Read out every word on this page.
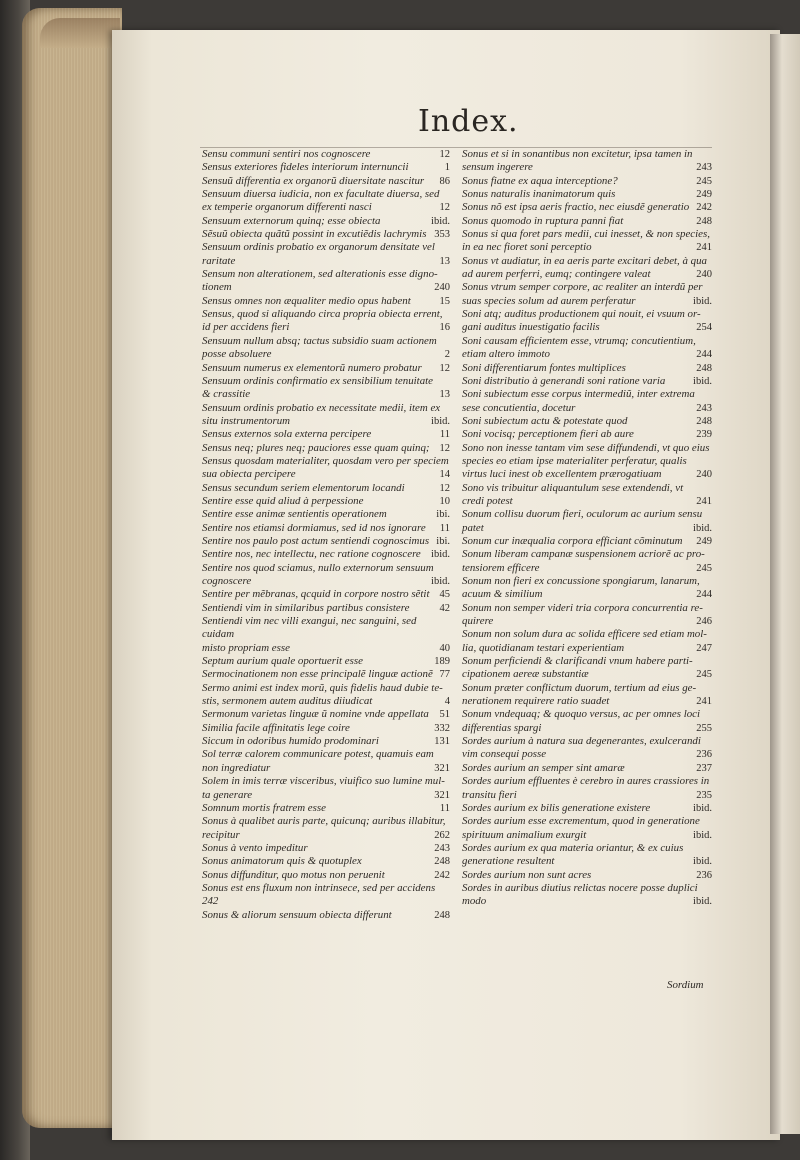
Index.
Sensu communi sentiri nos cognoscere	12
Sensus exteriores fideles interiorum internuncii	1
Sensuũ differentia ex organorũ diuersitate nascitur 86
Sensuum diuersa iudicia, non ex facultate diuersa, sed
ex temperie organorum differenti nasci	12
Sensuum externorum quinq; esse obiecta	ibid.
Sẽsuũ obiecta quãtũ possint in excutiẽdis lachrymis 353
Sensuum ordinis probatio ex organorum densitate vel
raritate	13
Sensum non alterationem, sed alterationis esse digno-
tionem	240
Sensus omnes non æqualiter medio opus habent	15
Sensus, quod si aliquando circa propria obiecta errent,
id per accidens fieri	16
Sensuum nullum absq; tactus subsidio suam actionem
posse absoluere	2
Sensuum numerus ex elementorũ numero probatur 12
Sensuum ordinis confirmatio ex sensibilium tenuitate
& crassitie	13
Sensuum ordinis probatio ex necessitate medii, item ex
situ instrumentorum	ibid.
Sensus externos sola externa percipere	11
Sensus neq; plures neq; pauciores esse quam quinq; 12
Sensus quosdam materialiter, quosdam vero per speciem
sua obiecta percipere	14
Sensus secundum seriem elementorum locandi	12
Sentire esse quid aliud à perpessione	10
Sentire esse animæ sentientis operationem	ibi.
Sentire nos etiamsi dormiamus, sed id nos ignorare 11
Sentire nos paulo post actum sentiendi cognoscimus ibi.
Sentire nos, nec intellectu, nec ratione cognoscere ibid.
Sentire nos quod sciamus, nullo externorum sensuum
cognoscere	ibid.
Sentire per mẽbranas, qcquid in corpore nostro sẽtit 45
Sentiendi vim in similaribus partibus consistere	42
Sentiendi vim nec villi exangui, nec sanguini, sed cuidam
misto propriam esse	40
Septum aurium quale oportuerit esse	189
Sermocinationem non esse principalẽ linguæ actionẽ 77
Sermo animi est index morũ, quis fidelis haud dubie te-
stis, sermonem autem auditus diiudicat	4
Sermonum varietas linguæ ũ nomine vnde appellata 51
Similia facile affinitatis lege coire	332
Siccum in odoribus humido prodominari	131
Sol terræ calorem communicare potest, quamuis eam
non ingrediatur	321
Solem in imis terræ visceribus, viuifico suo lumine mul-
ta generare	321
Somnum mortis fratrem esse	11
Sonus à qualibet auris parte, quicunq; auribus illabitur,
recipitur	262
Sonus à vento impeditur	243
Sonus animatorum quis & quotuplex	248
Sonus diffunditur, quo motus non peruenit	242
Sonus est ens fluxum non intrinsece, sed per accidens
242
Sonus & aliorum sensuum obiecta differunt	248
Sonus et si in sonantibus non excitetur, ipsa tamen in
sensum ingerere	243
Sonus fiatne ex aqua interceptione?	245
Sonus naturalis inanimatorum quis	249
Sonus nõ est ipsa aeris fractio, nec eiusdẽ generatio 242
Sonus quomodo in ruptura panni fiat	248
Sonus si qua foret pars medii, cui inesset, & non species,
in ea nec fioret soni perceptio	241
Sonus vt audiatur, in ea aeris parte excitari debet, à qua
ad aurem perferri, eumq; contingere valeat	240
Sonus vtrum semper corpore, ac realiter an interdũ per
suas species solum ad aurem perferatur	ibid.
Soni atq; auditus productionem qui nouit, ei vsuum or-
gani auditus inuestigatio facilis	254
Soni causam efficientem esse, vtrumq; concutientium,
etiam altero immoto	244
Soni differentiarum fontes multiplices	248
Soni distributio à generandi soni ratione varia	ibid.
Soni subiectum esse corpus intermediũ, inter extrema
sese concutientia, docetur	243
Soni subiectum actu & potestate quod	248
Soni vocisq; perceptionem fieri ab aure	239
Sono non inesse tantam vim sese diffundendi, vt quo eius
species eo etiam ipse materialiter perferatur, qualis
virtus luci inest ob excellentem prærogatiuam	240
Sono vis tribuitur aliquantulum sese extendendi, vt
credi potest	241
Sonum collisu duorum fieri, oculorum ac aurium sensu
patet	ibid.
Sonum cur inæqualia corpora efficiant cõminutum 249
Sonum liberam campanæ suspensionem acriorẽ ac pro-
tensiorem efficere	245
Sonum non fieri ex concussione spongiarum, lanarum,
acuum & similium	244
Sonum non semper videri tria corpora concurrentia re-
quirere	246
Sonum non solum dura ac solida efficere sed etiam mol-
lia, quotidianam testari experientiam	247
Sonum perficiendi & clarificandi vnum habere parti-
cipationem aereæ substantiæ	245
Sonum præter conflictum duorum, tertium ad eius ge-
nerationem requirere ratio suadet	241
Sonum vndequaq; & quoquo versus, ac per omnes loci
differentias spargi	255
Sordes aurium à natura sua degenerantes, exulcerandi
vim consequi posse	236
Sordes aurium an semper sint amaræ	237
Sordes aurium effluentes è cerebro in aures crassiores in
transitu fieri	235
Sordes aurium ex bilis generatione existere	ibid.
Sordes aurium esse excrementum, quod in generatione
spirituum animalium exurgit	ibid.
Sordes aurium ex qua materia oriantur, & ex cuius
generatione resultent	ibid.
Sordes aurium non sunt acres	236
Sordes in auribus diutius relictas nocere posse duplici
modo	ibid.
Sordium
